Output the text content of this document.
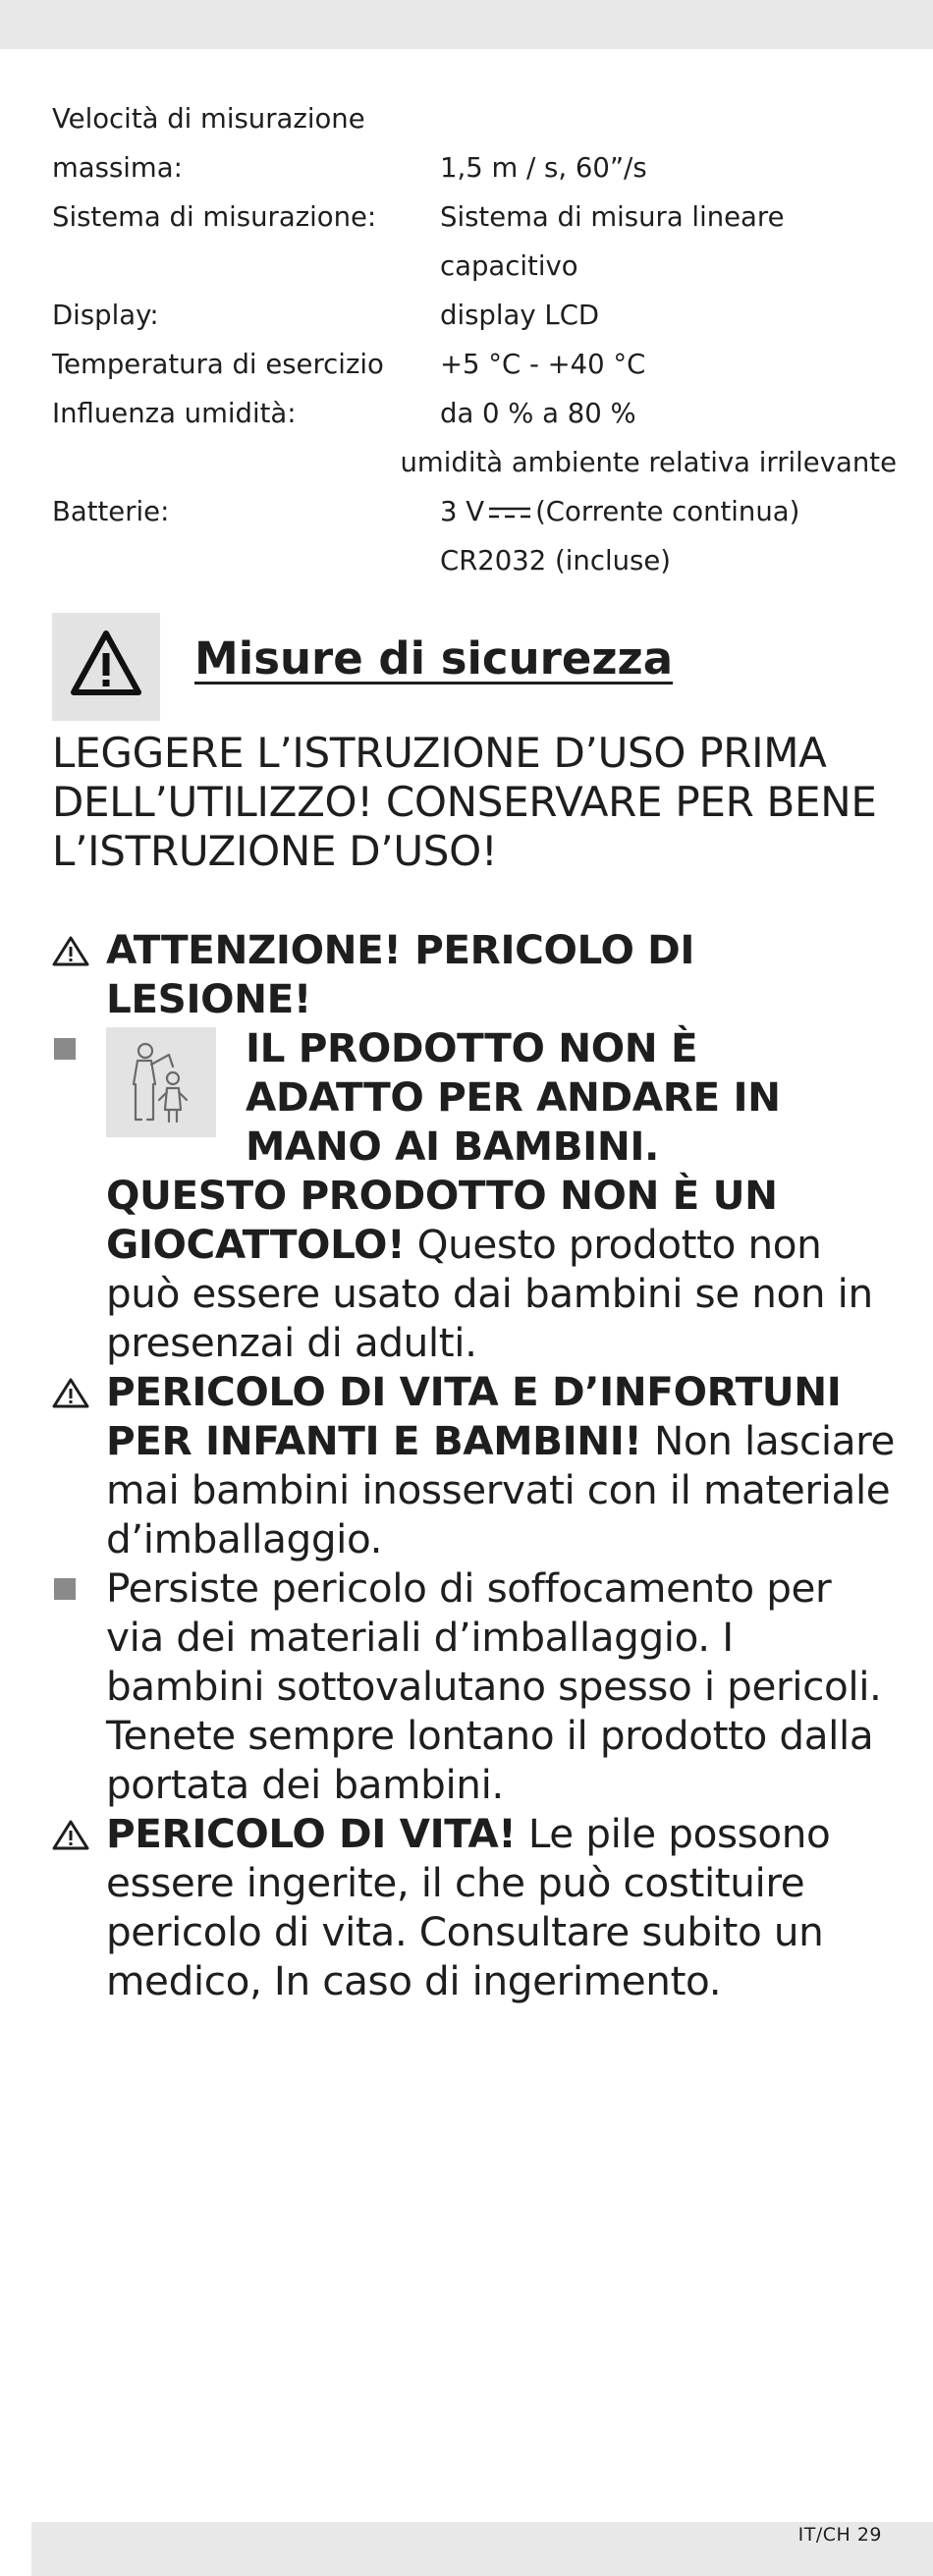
Velocità di misurazione
massima:	1,5 m / s, 60”/s
Sistema di misurazione:	Sistema di misura lineare
capacitivo
Display:	display LCD
Temperatura di esercizio	+5 °C - +40 °C
Influenza umidità:	da 0 % a 80 %
umidità ambiente relativa irrilevante
Batterie:	3 V (Corrente continua)
CR2032 (incluse)
Misure di sicurezza
LEGGERE L’ISTRUZIONE D’USO PRIMA DELL’UTILIZZO! CONSERVARE PER BENE L’ISTRUZIONE D’USO!
ATTENZIONE! PERICOLO DI LESIONE!
IL PRODOTTO NON È
ADATTO PER ANDARE IN
MANO AI BAMBINI.
QUESTO PRODOTTO NON È UN GIOCATTOLO! Questo prodotto non può essere usato dai bambini se non in presenzai di adulti.
PERICOLO DI VITA E D’INFORTUNI PER INFANTI E BAMBINI! Non lasciare mai bambini inosservati con il materiale d’imballaggio.
Persiste pericolo di soffocamento per via dei materiali d’imballaggio. I bambini sottovalutano spesso i pericoli. Tenete sempre lontano il prodotto dalla portata dei bambini.
PERICOLO DI VITA! Le pile possono essere ingerite, il che può costituire pericolo di vita. Consultare subito un medico, In caso di ingerimento.
IT/CH 29
